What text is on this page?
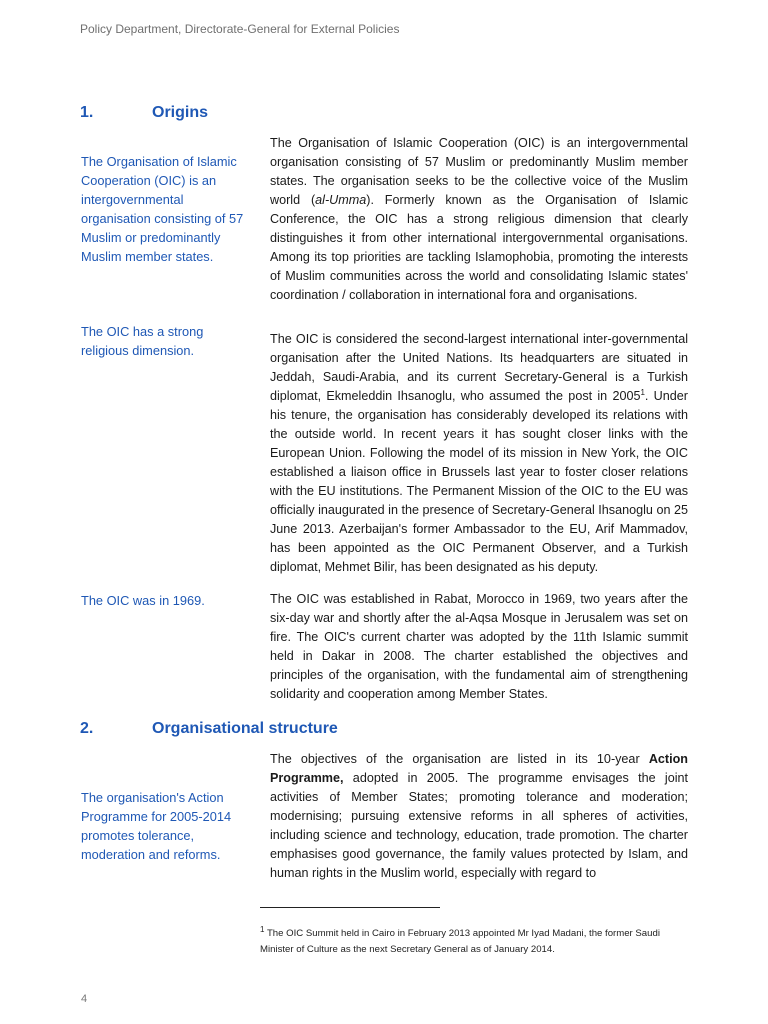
Policy Department, Directorate-General for External Policies
1.	Origins
The Organisation of Islamic Cooperation (OIC) is an intergovernmental organisation consisting of 57 Muslim or predominantly Muslim member states.
The OIC has a strong religious dimension.
The OIC was in 1969.

The Organisation of Islamic Cooperation (OIC) is an intergovernmental organisation consisting of 57 Muslim or predominantly Muslim member states. The organisation seeks to be the collective voice of the Muslim world (al-Umma). Formerly known as the Organisation of Islamic Conference, the OIC has a strong religious dimension that clearly distinguishes it from other international intergovernmental organisations. Among its top priorities are tackling Islamophobia, promoting the interests of Muslim communities across the world and consolidating Islamic states' coordination / collaboration in international fora and organisations.

The OIC is considered the second-largest international inter-governmental organisation after the United Nations. Its headquarters are situated in Jeddah, Saudi-Arabia, and its current Secretary-General is a Turkish diplomat, Ekmeleddin Ihsanoglu, who assumed the post in 2005$^1$. Under his tenure, the organisation has considerably developed its relations with the outside world. In recent years it has sought closer links with the European Union. Following the model of its mission in New York, the OIC established a liaison office in Brussels last year to foster closer relations with the EU institutions. The Permanent Mission of the OIC to the EU was officially inaugurated in the presence of Secretary-General Ihsanoglu on 25 June 2013. Azerbaijan's former Ambassador to the EU, Arif Mammadov, has been appointed as the OIC Permanent Observer, and a Turkish diplomat, Mehmet Bilir, has been designated as his deputy.

The OIC was established in Rabat, Morocco in 1969, two years after the six-day war and shortly after the al-Aqsa Mosque in Jerusalem was set on fire. The OIC's current charter was adopted by the 11th Islamic summit held in Dakar in 2008. The charter established the objectives and principles of the organisation, with the fundamental aim of strengthening solidarity and cooperation among Member States.

2.	Organisational structure

The objectives of the organisation are listed in its 10-year Action Programme, adopted in 2005. The programme envisages the joint activities of Member States; promoting tolerance and moderation; modernising; pursuing extensive reforms in all spheres of activities, including science and technology, education, trade promotion. The charter emphasises good governance, the family values protected by Islam, and human rights in the Muslim world, especially with regard to

The organisation's Action Programme for 2005-2014 promotes tolerance, moderation and reforms.
$^1$ The OIC Summit held in Cairo in February 2013 appointed Mr Iyad Madani, the former Saudi Minister of Culture as the next Secretary General as of January 2014.
4
